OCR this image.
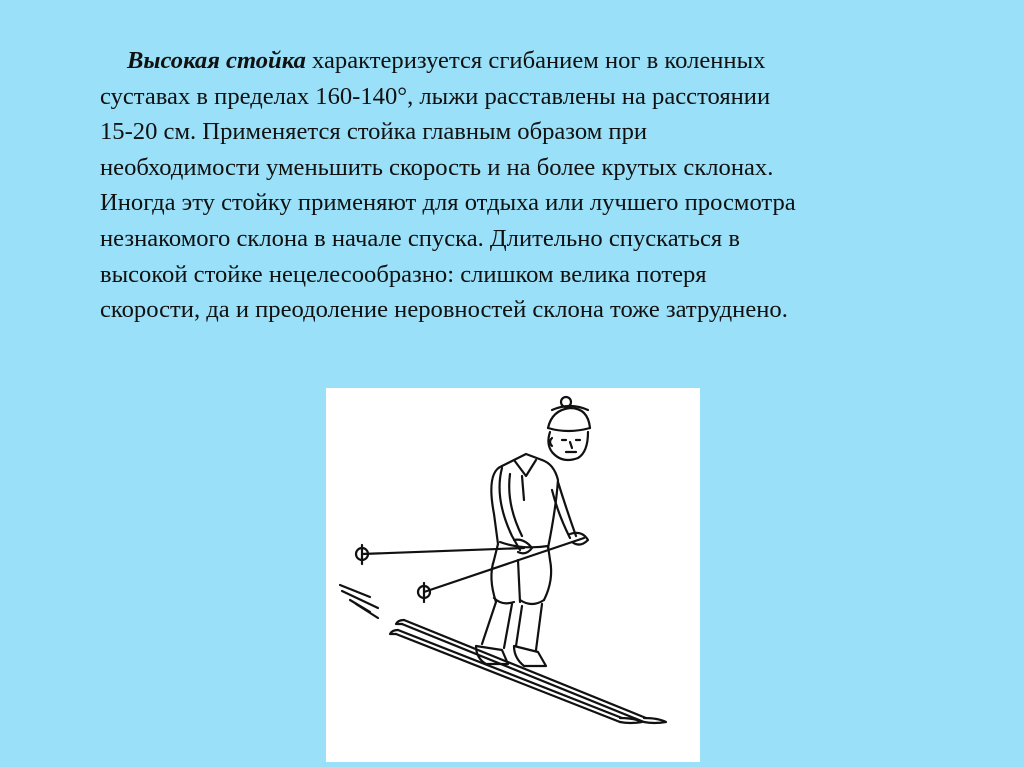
Высокая стойка характеризуется сгибанием ног в коленных
суставах в пределах 160-140°, лыжи расставлены на расстоянии
15-20 см. Применяется стойка главным образом при
необходимости уменьшить скорость и на более крутых склонах.
Иногда эту стойку применяют для отдыха или лучшего просмотра
незнакомого склона в начале спуска. Длительно спускаться в
высокой стойке нецелесообразно: слишком велика потеря
скорости, да и преодоление неровностей склона тоже затруднено.
